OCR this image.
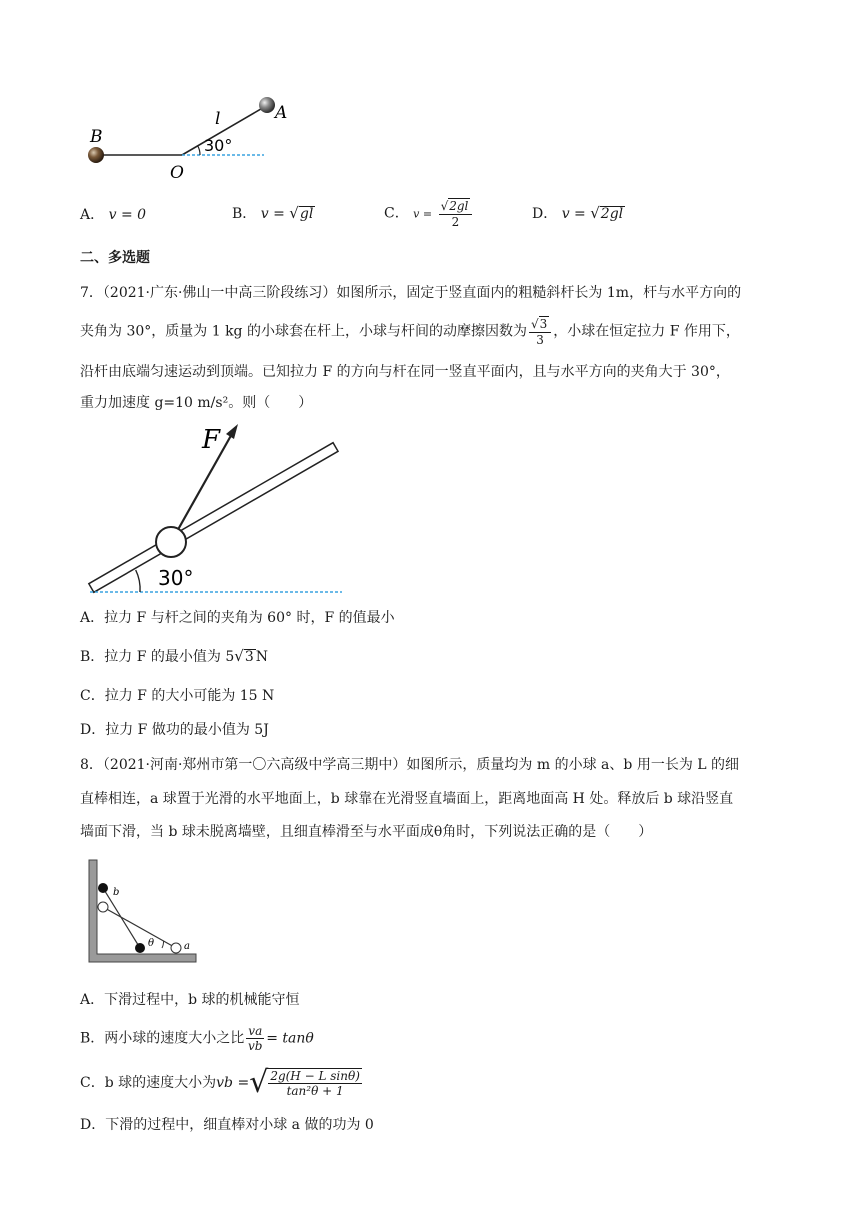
B
O
A
l
30°
A． v = 0	B． v = √gl	C． $v = \frac{√2gl}{2}$	D． v = √2gl
二、多选题
7．（2021·广东·佛山一中高三阶段练习）如图所示，固定于竖直面内的粗糙斜杆长为 1m，杆与水平方向的
夹角为 30°，质量为 1 kg 的小球套在杆上，小球与杆间的动摩擦因数为 $\frac{√3}{3}$ ，小球在恒定拉力 F 作用下，
沿杆由底端匀速运动到顶端。已知拉力 F 的方向与杆在同一竖直平面内，且与水平方向的夹角大于 30°，
重力加速度 g=10 m/s²。则（　　）
F
30°
A．拉力 F 与杆之间的夹角为 60° 时，F 的值最小
B．拉力 F 的最小值为 5√3 N
C．拉力 F 的大小可能为 15 N
D．拉力 F 做功的最小值为 5J
8．（2021·河南·郑州市第一〇六高级中学高三期中）如图所示，质量均为 m 的小球 a、b 用一长为 L 的细
直棒相连，a 球置于光滑的水平地面上，b 球靠在光滑竖直墙面上，距离地面高 H 处。释放后 b 球沿竖直
墙面下滑，当 b 球未脱离墙壁，且细直棒滑至与水平面成θ角时，下列说法正确的是（　　）
b
θ	a
A．下滑过程中，b 球的机械能守恒
B．两小球的速度大小之比 $\frac{va}{vb} = \tan\theta$
C．b 球的速度大小为vb =√ $\frac{\text{2g(H − L sinθ)}}{\text{tan²θ + 1}}$
D．下滑的过程中，细直棒对小球 a 做的功为 0
